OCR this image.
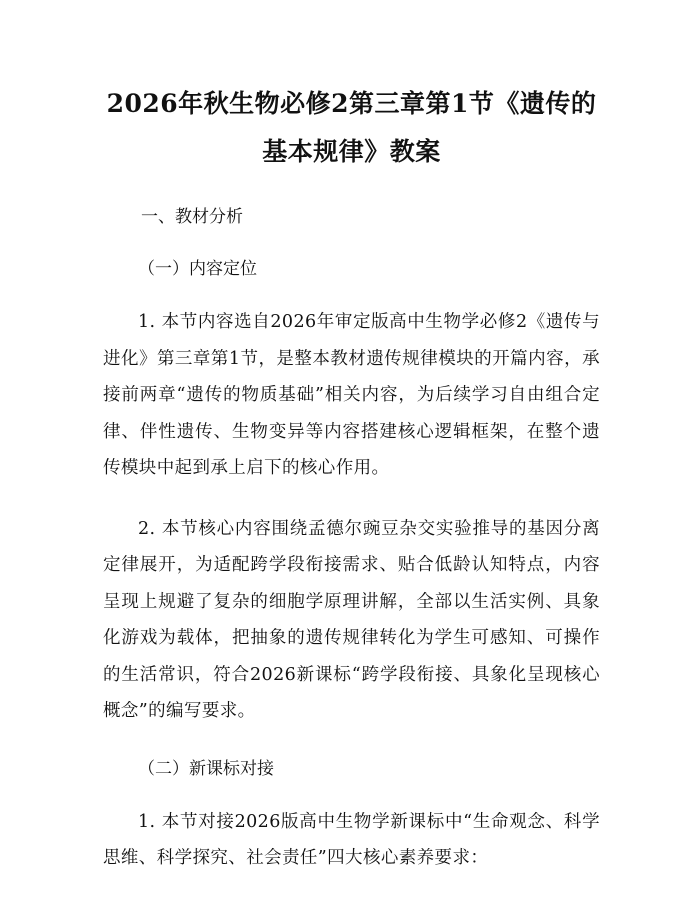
2026年秋生物必修2第三章第1节《遗传的
基本规律》教案
一、教材分析
（一）内容定位

1. 本节内容选自2026年审定版高中生物学必修2《遗传与进化》第三章第1节，是整本教材遗传规律模块的开篇内容，承接前两章“遗传的物质基础”相关内容，为后续学习自由组合定律、伴性遗传、生物变异等内容搭建核心逻辑框架，在整个遗传模块中起到承上启下的核心作用。

2. 本节核心内容围绕孟德尔豌豆杂交实验推导的基因分离定律展开，为适配跨学段衔接需求、贴合低龄认知特点，内容呈现上规避了复杂的细胞学原理讲解，全部以生活实例、具象化游戏为载体，把抽象的遗传规律转化为学生可感知、可操作的生活常识，符合2026新课标“跨学段衔接、具象化呈现核心概念”的编写要求。

（二）新课标对接

1. 本节对接2026版高中生物学新课标中“生命观念、科学思维、科学探究、社会责任”四大核心素养要求：
